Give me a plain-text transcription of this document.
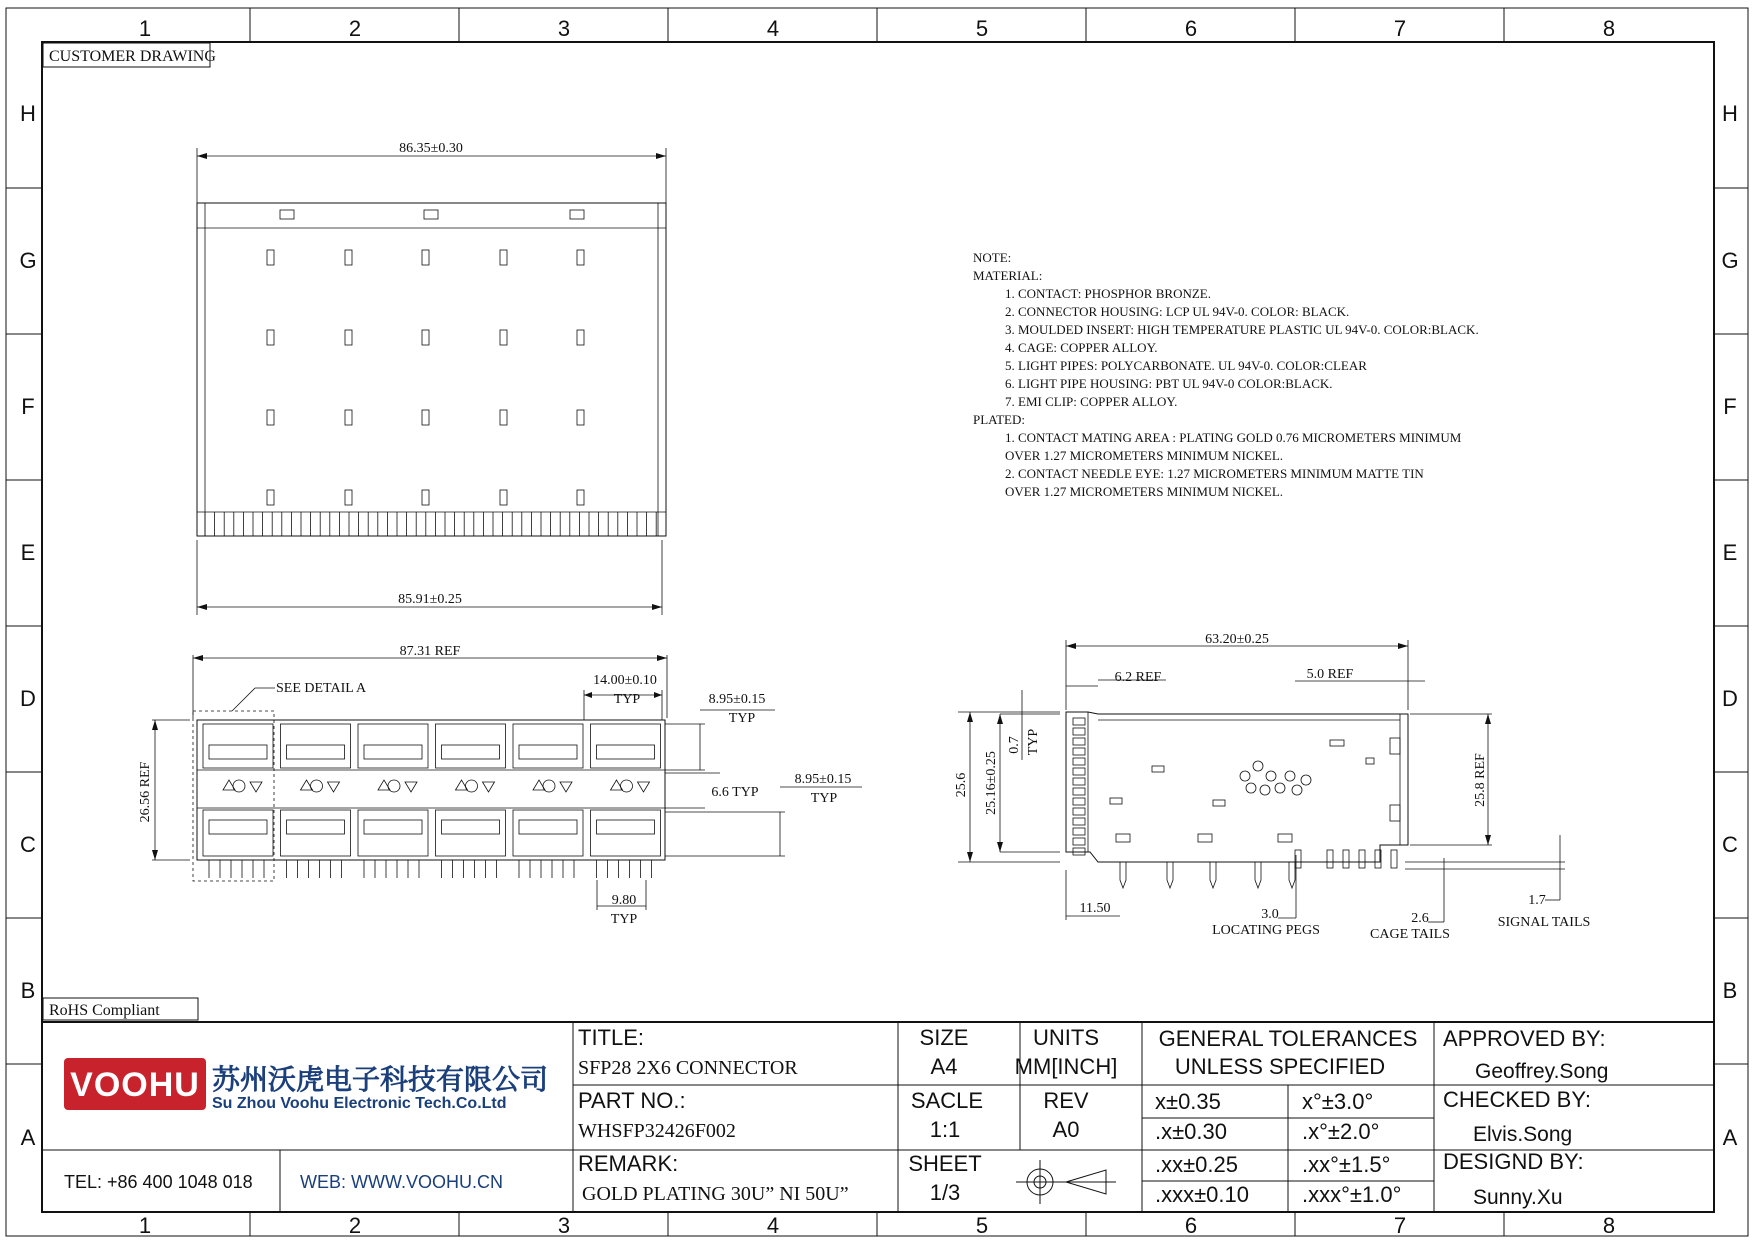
1	2	3	4	5	6	7	8
1	2	3	4	5	6	7	8
H
G
F
E
D
C
B
A
H
G
F
E
D
C
B
A
CUSTOMER DRAWING
86.35±0.30
85.91±0.25
87.31 REF
SEE DETAIL A
14.00±0.10
TYP	8.95±0.15
TYP
6.6 TYP
8.95±0.15
TYP
26.56 REF
9.80
TYP
63.20±0.25
6.2 REF	5.0 REF
25.6 25.16±0.25
0.7 TYP
25.8 REF
11.50	3.0
LOCATING PEGS
2.6
CAGE TAILS
1.7
SIGNAL TAILS
NOTE:
MATERIAL:
1. CONTACT: PHOSPHOR BRONZE.
2. CONNECTOR HOUSING: LCP UL 94V-0. COLOR: BLACK.
3. MOULDED INSERT: HIGH TEMPERATURE PLASTIC UL 94V-0. COLOR:BLACK.
4. CAGE: COPPER ALLOY.
5. LIGHT PIPES: POLYCARBONATE. UL 94V-0. COLOR:CLEAR
6. LIGHT PIPE HOUSING: PBT UL 94V-0 COLOR:BLACK.
7. EMI CLIP: COPPER ALLOY.
PLATED:
1. CONTACT MATING AREA : PLATING GOLD 0.76 MICROMETERS MINIMUM
OVER 1.27 MICROMETERS MINIMUM NICKEL.
2. CONTACT NEEDLE EYE: 1.27 MICROMETERS MINIMUM MATTE TIN
OVER 1.27 MICROMETERS MINIMUM NICKEL.
RoHS Compliant
VOOHU 苏州沃虎电子科技有限公司
Su Zhou Voohu Electronic Tech.Co.Ltd
TEL: +86 400 1048 018	WEB: WWW.VOOHU.CN
TITLE:
SFP28 2X6 CONNECTOR
PART NO.:
WHSFP32426F002
REMARK:
GOLD PLATING 30U” NI 50U”
SIZE
A4
UNITS
MM[INCH]
SACLE
1:1
REV
A0
SHEET
1/3
GENERAL TOLERANCES
UNLESS SPECIFIED
x±0.35	x°±3.0°
.x±0.30	.x°±2.0°
.xx±0.25	.xx°±1.5°
.xxx±0.10 .xxx°±1.0°
APPROVED BY:
Geoffrey.Song
CHECKED BY:
Elvis.Song
DESIGND BY:
Sunny.Xu
